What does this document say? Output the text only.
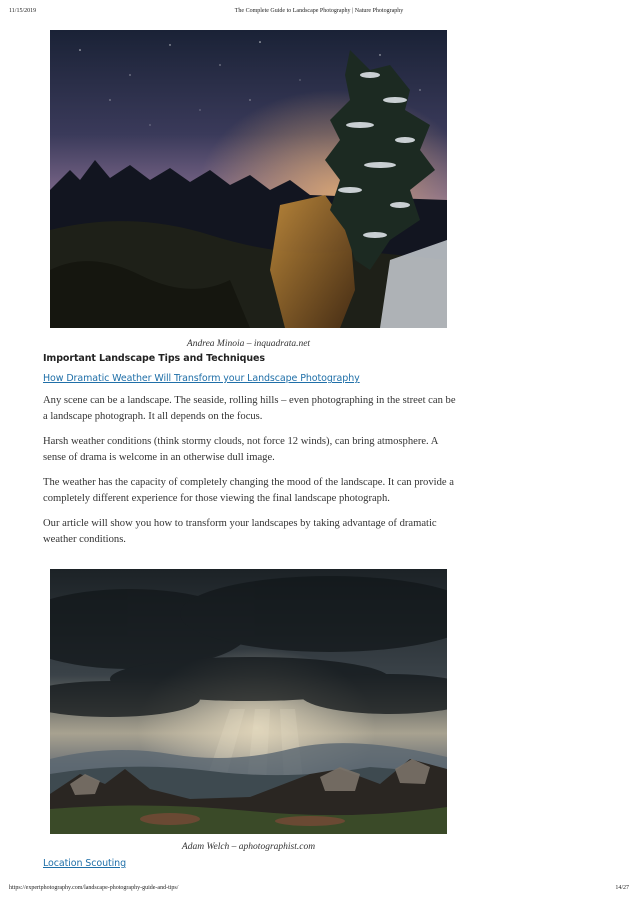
11/15/2019	The Complete Guide to Landscape Photography | Nature Photography
Andrea Minoia – inquadrata.net
Important Landscape Tips and Techniques
How Dramatic Weather Will Transform your Landscape Photography

Any scene can be a landscape. The seaside, rolling hills – even photographing in the street can be a landscape photograph. It all depends on the focus.

Harsh weather conditions (think stormy clouds, not force 12 winds), can bring atmosphere. A sense of drama is welcome in an otherwise dull image.

The weather has the capacity of completely changing the mood of the landscape. It can provide a completely different experience for those viewing the final landscape photograph.

Our article will show you how to transform your landscapes by taking advantage of dramatic weather conditions.

Adam Welch – aphotographist.com
Location Scouting
https://expertphotography.com/landscape-photography-guide-and-tips/	14/27
